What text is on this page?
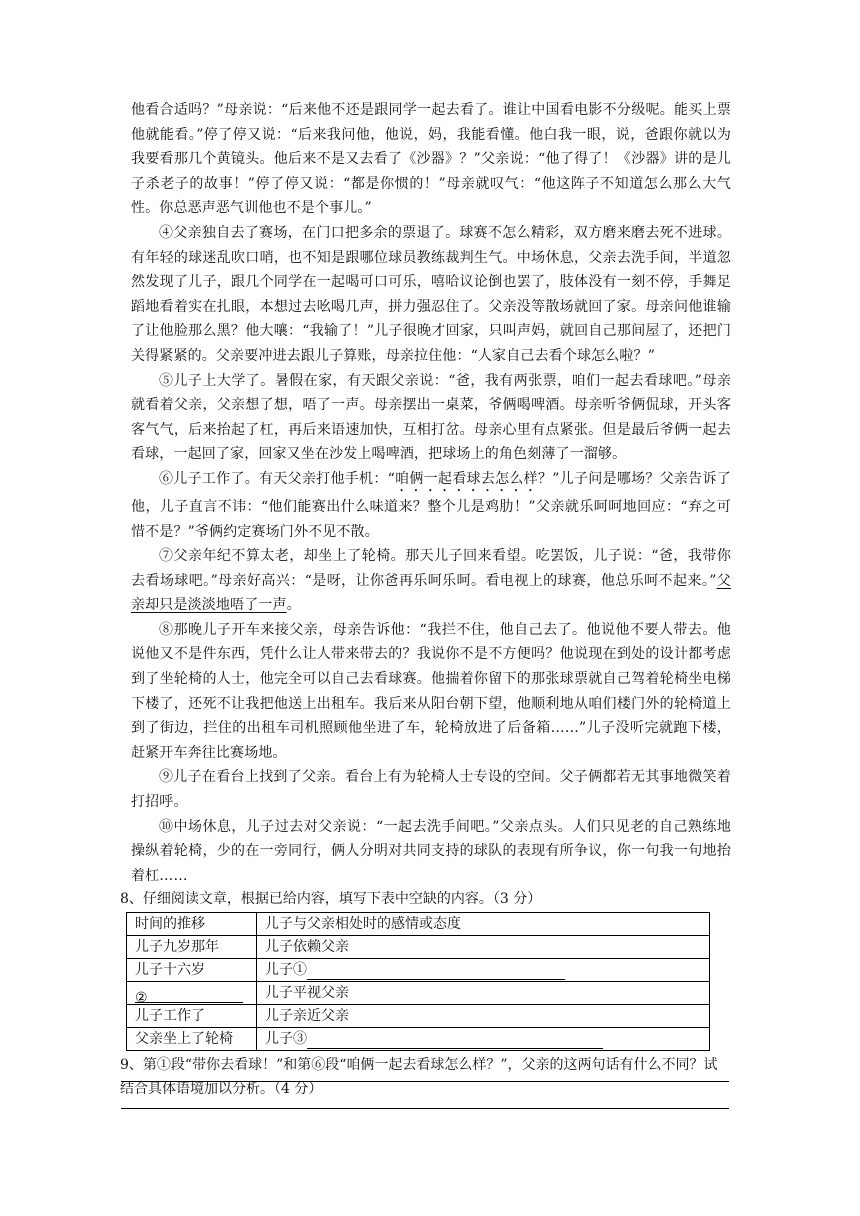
他看合适吗？”母亲说：“后来他不还是跟同学一起去看了。谁让中国看电影不分级呢。能买上票他就能看。”停了停又说：“后来我问他，他说，妈，我能看懂。他白我一眼，说，爸跟你就以为我要看那几个黄镜头。他后来不是又去看了《沙器》？”父亲说：“他了得了！《沙器》讲的是儿子杀老子的故事！”停了停又说：“都是你惯的！”母亲就叹气：“他这阵子不知道怎么那么大气性。你总恶声恶气训他也不是个事儿。”

④父亲独自去了赛场，在门口把多余的票退了。球赛不怎么精彩，双方磨来磨去死不进球。有年轻的球迷乱吹口哨，也不知是跟哪位球员教练裁判生气。中场休息，父亲去洗手间，半道忽然发现了儿子，跟几个同学在一起喝可口可乐，嘻哈议论倒也罢了，肢体没有一刻不停，手舞足蹈地看着实在扎眼，本想过去吆喝几声，拼力强忍住了。父亲没等散场就回了家。母亲问他谁输了让他脸那么黑？他大嚷：“我输了！”儿子很晚才回家，只叫声妈，就回自己那间屋了，还把门关得紧紧的。父亲要冲进去跟儿子算账，母亲拉住他：“人家自己去看个球怎么啦？”

⑤儿子上大学了。暑假在家，有天跟父亲说：“爸，我有两张票，咱们一起去看球吧。”母亲就看着父亲，父亲想了想，唔了一声。母亲摆出一桌菜，爷俩喝啤酒。母亲听爷俩侃球，开头客客气气，后来抬起了杠，再后来语速加快，互相打岔。母亲心里有点紧张。但是最后爷俩一起去看球，一起回了家，回家又坐在沙发上喝啤酒，把球场上的角色刻薄了一溜够。

⑥儿子工作了。有天父亲打他手机：“咱俩一起看球去怎么样？”儿子问是哪场？父亲告诉了他，儿子直言不讳：“他们能赛出什么味道来？整个儿是鸡肋！”父亲就乐呵呵地回应：“弃之可惜不是？”爷俩约定赛场门外不见不散。

⑦父亲年纪不算太老，却坐上了轮椅。那天儿子回来看望。吃罢饭，儿子说：“爸，我带你去看场球吧。”母亲好高兴：“是呀，让你爸再乐呵乐呵。看电视上的球赛，他总乐呵不起来。”父亲却只是淡淡地唔了一声。

⑧那晚儿子开车来接父亲，母亲告诉他：“我拦不住，他自己去了。他说他不要人带去。他说他又不是件东西，凭什么让人带来带去的？我说你不是不方便吗？他说现在到处的设计都考虑到了坐轮椅的人士，他完全可以自己去看球赛。他揣着你留下的那张球票就自己驾着轮椅坐电梯下楼了，还死不让我把他送上出租车。我后来从阳台朝下望，他顺利地从咱们楼门外的轮椅道上到了街边，拦住的出租车司机照顾他坐进了车，轮椅放进了后备箱……”儿子没听完就跑下楼，赶紧开车奔往比赛场地。

⑨儿子在看台上找到了父亲。看台上有为轮椅人士专设的空间。父子俩都若无其事地微笑着打招呼。

⑩中场休息，儿子过去对父亲说：“一起去洗手间吧。”父亲点头。人们只见老的自己熟练地操纵着轮椅，少的在一旁同行，俩人分明对共同支持的球队的表现有所争议，你一句我一句地抬着杠……

8、仔细阅读文章，根据已给内容，填写下表中空缺的内容。（3 分）

时间的推移	儿子与父亲相处时的感情或态度
儿子九岁那年	儿子依赖父亲
儿子十六岁	儿子①
②	儿子平视父亲
儿子工作了	儿子亲近父亲
父亲坐上了轮椅	儿子③

9、第①段“带你去看球！”和第⑥段“咱俩一起去看球怎么样？”，父亲的这两句话有什么不同？试结合具体语境加以分析。（4 分）
